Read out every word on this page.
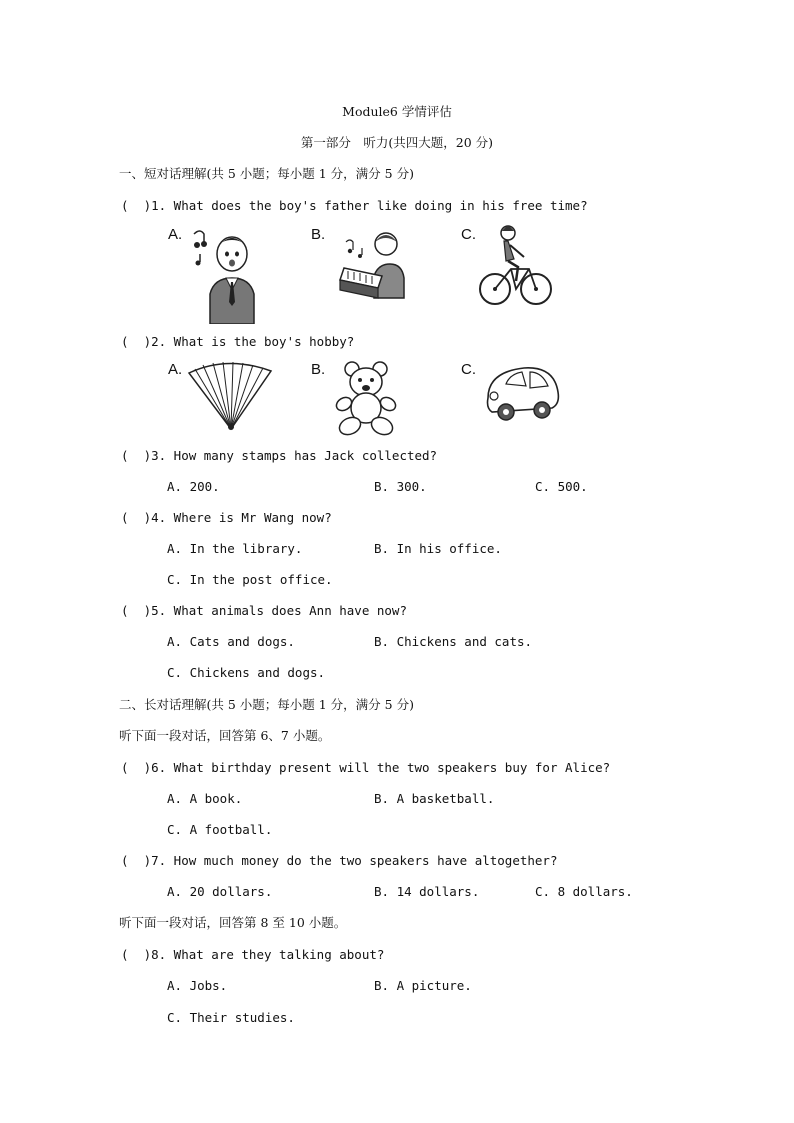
Module6 学情评估
第一部分　听力(共四大题，20 分)
一、短对话理解(共 5 小题；每小题 1 分，满分 5 分)
(  )1. What does the boy's father like doing in his free time?
A.	B.	C.
(  )2. What is the boy's hobby?
A.	B.	C.
(  )3. How many stamps has Jack collected?
A. 200.	B. 300.	C. 500.
(  )4. Where is Mr Wang now?
A. In the library.	B. In his office.
C. In the post office.
(  )5. What animals does Ann have now?
A. Cats and dogs.	B. Chickens and cats.
C. Chickens and dogs.
二、长对话理解(共 5 小题；每小题 1 分，满分 5 分)
听下面一段对话，回答第 6、7 小题。
(  )6. What birthday present will the two speakers buy for Alice?
A. A book.	B. A basketball.
C. A football.
(  )7. How much money do the two speakers have altogether?
A. 20 dollars.	B. 14 dollars.	C. 8 dollars.
听下面一段对话，回答第 8 至 10 小题。
(  )8. What are they talking about?
A. Jobs.	B. A picture.
C. Their studies.
